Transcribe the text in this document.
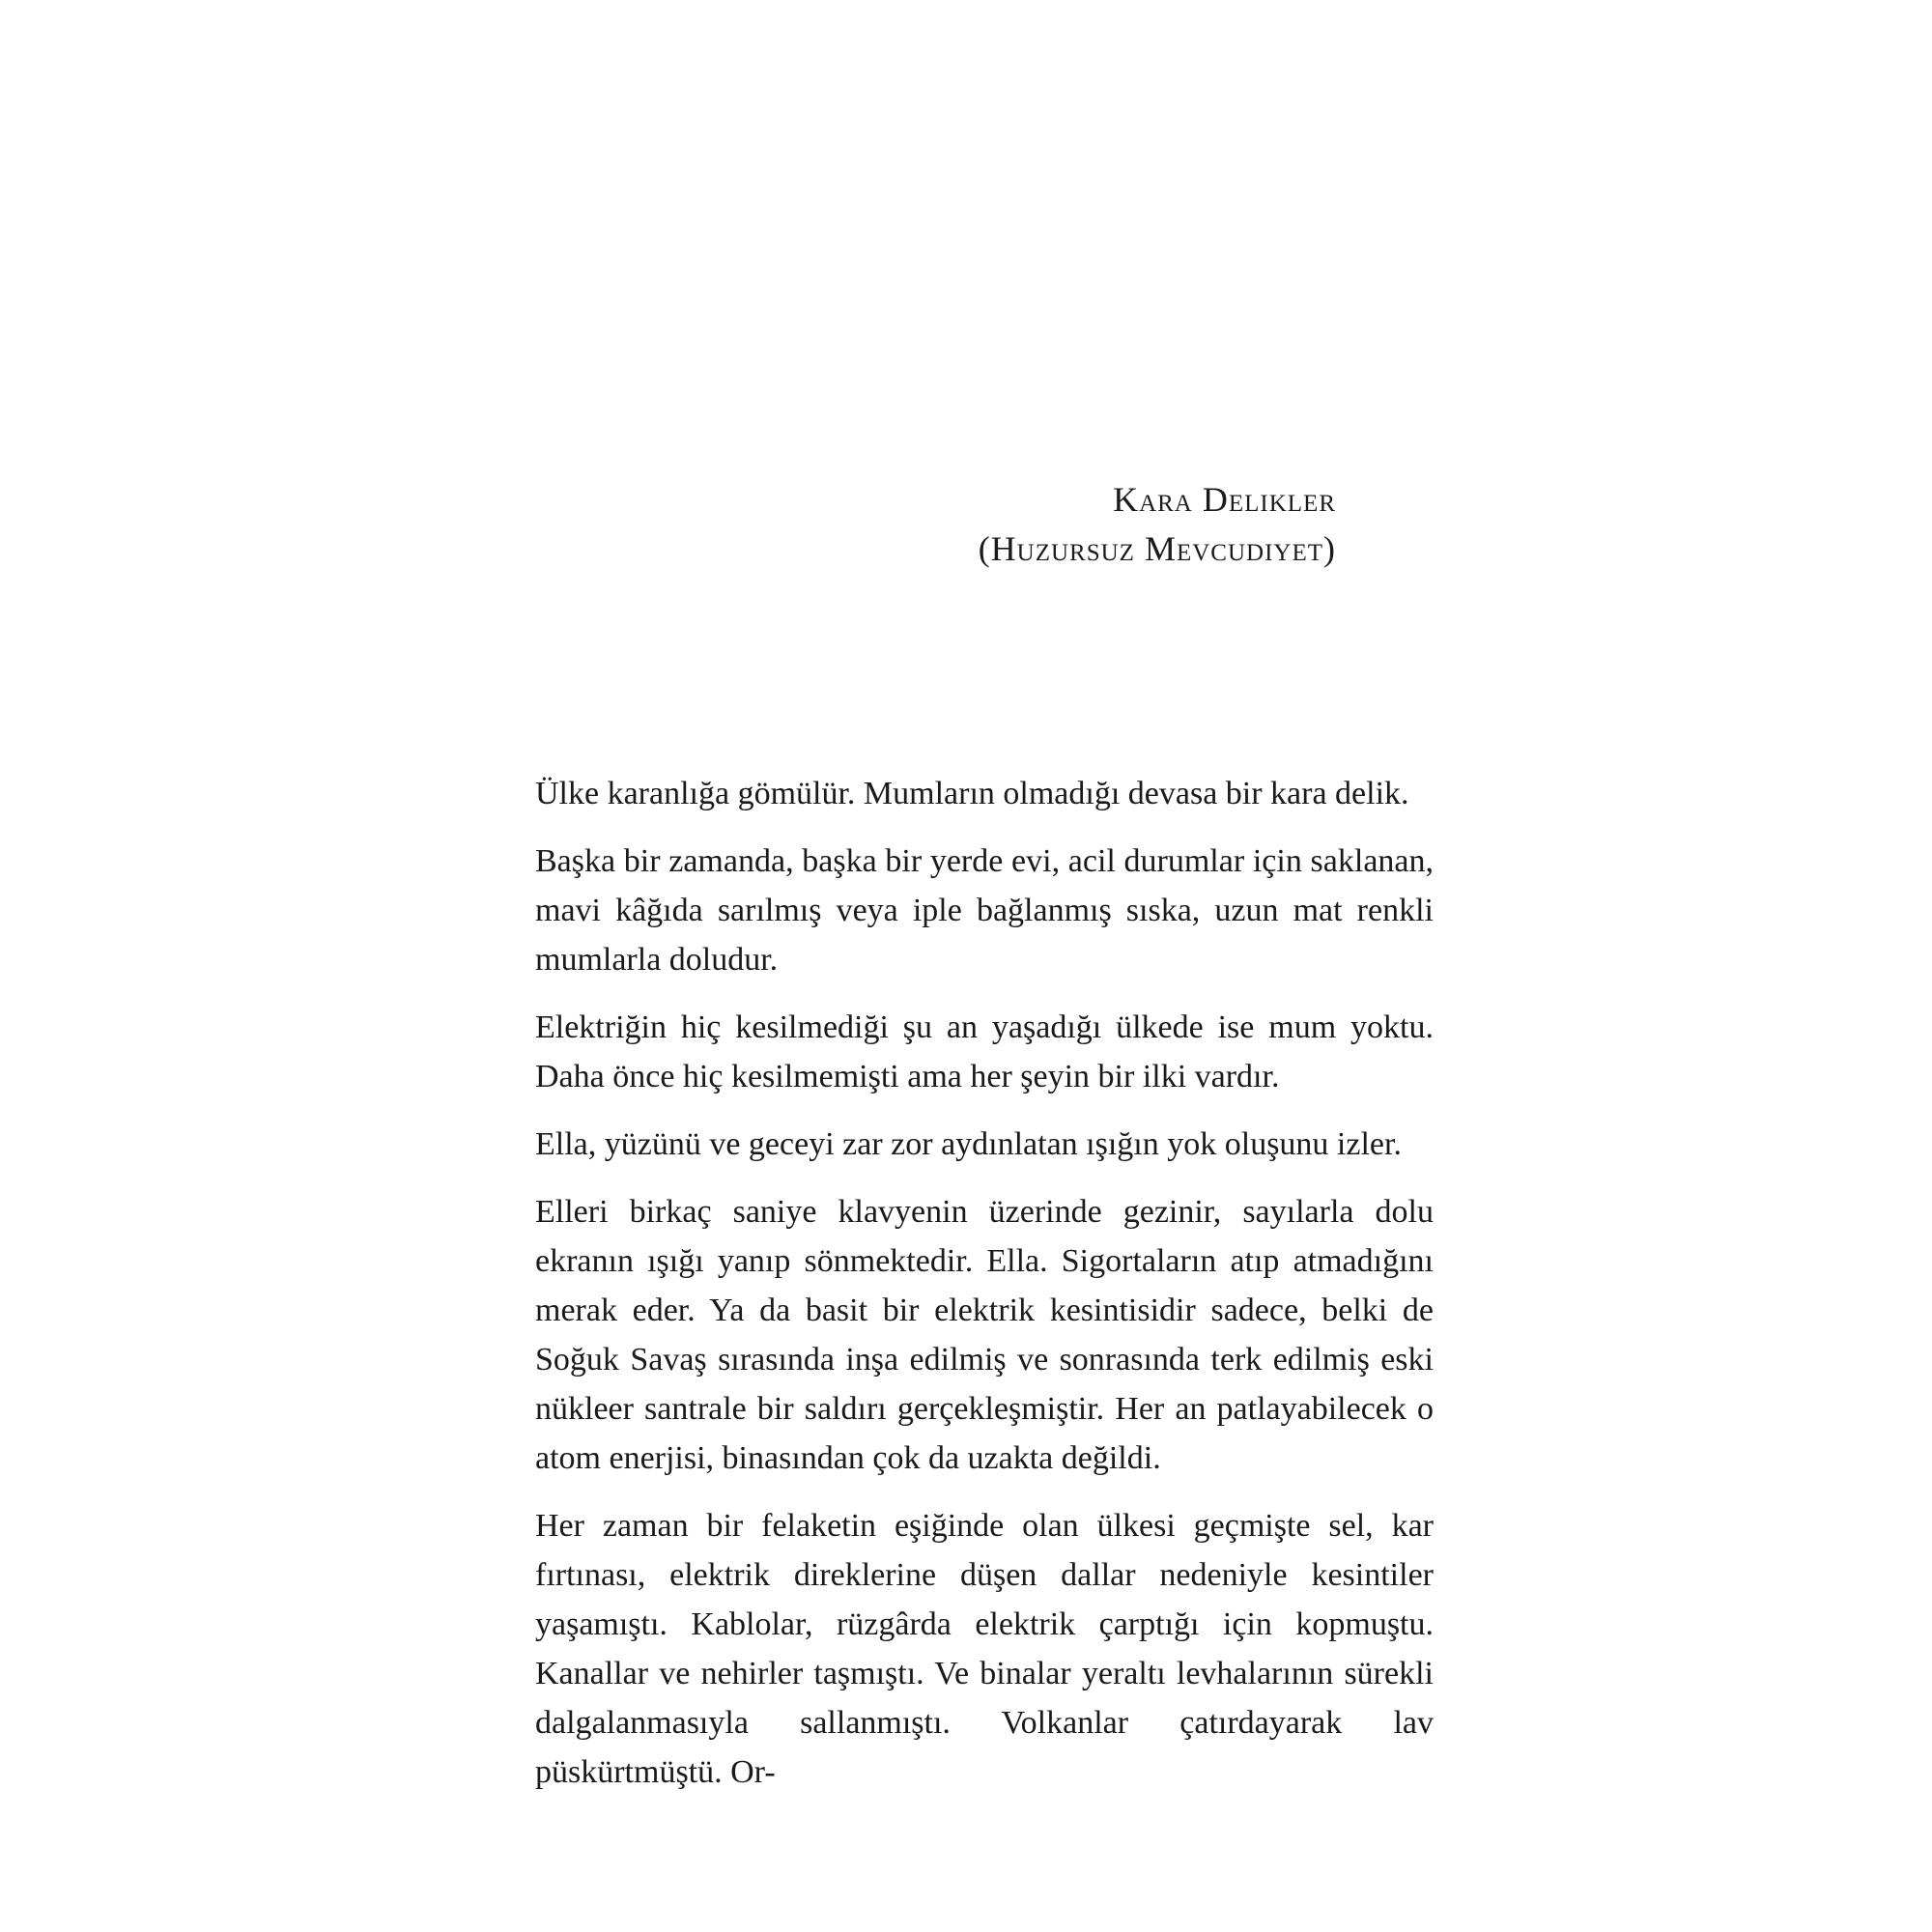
Kara Delikler
(Huzursuz Mevcudiyet)

Ülke karanlığa gömülür. Mumların olmadığı devasa bir kara delik.

Başka bir zamanda, başka bir yerde evi, acil durumlar için saklanan, mavi kâğıda sarılmış veya iple bağlanmış sıska, uzun mat renkli mumlarla doludur.

Elektriğin hiç kesilmediği şu an yaşadığı ülkede ise mum yoktu. Daha önce hiç kesilmemişti ama her şeyin bir ilki vardır.

Ella, yüzünü ve geceyi zar zor aydınlatan ışığın yok oluşunu izler.

Elleri birkaç saniye klavyenin üzerinde gezinir, sayılarla dolu ekranın ışığı yanıp sönmektedir. Ella. Sigortaların atıp atmadığını merak eder. Ya da basit bir elektrik kesintisidir sadece, belki de Soğuk Savaş sırasında inşa edilmiş ve sonrasında terk edilmiş eski nükleer santrale bir saldırı gerçekleşmiştir. Her an patlayabilecek o atom enerjisi, binasından çok da uzakta değildi.

Her zaman bir felaketin eşiğinde olan ülkesi geçmişte sel, kar fırtınası, elektrik direklerine düşen dallar nedeniyle kesintiler yaşamıştı. Kablolar, rüzgârda elektrik çarptığı için kopmuştu. Kanallar ve nehirler taşmıştı. Ve binalar yeraltı levhalarının sürekli dalgalanmasıyla sallanmıştı. Volkanlar çatırdayarak lav püskürtmüştü. Or-
